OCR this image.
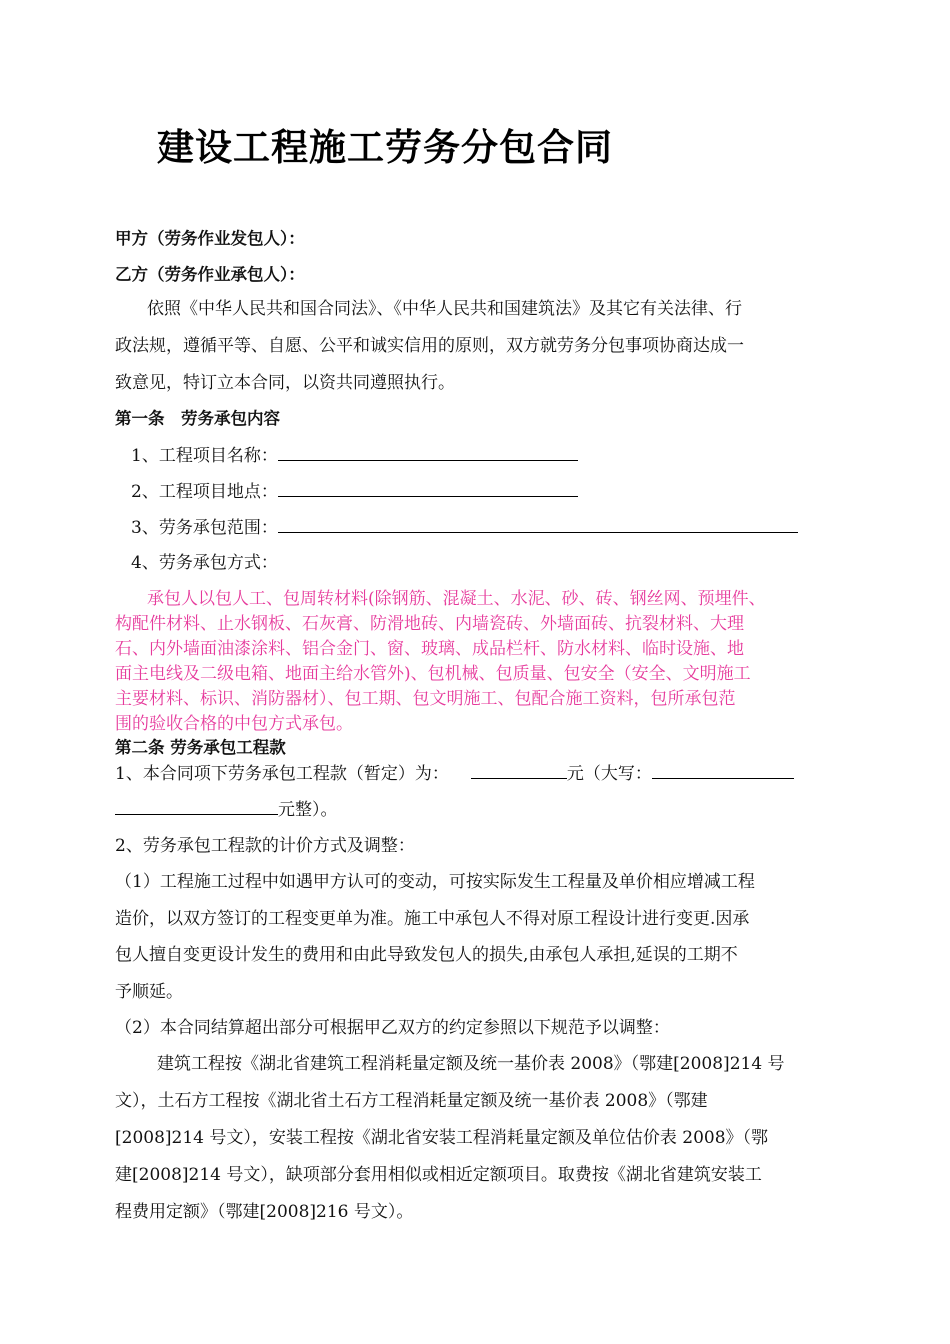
建设工程施工劳务分包合同
甲方（劳务作业发包人）：
乙方（劳务作业承包人）：
依照《中华人民共和国合同法》、《中华人民共和国建筑法》及其它有关法律、行
政法规，遵循平等、自愿、公平和诚实信用的原则，双方就劳务分包事项协商达成一
致意见，特订立本合同，以资共同遵照执行。
第一条　劳务承包内容
1、工程项目名称：
2、工程项目地点：
3、劳务承包范围：
4、劳务承包方式：
承包人以包人工、包周转材料(除钢筋、混凝土、水泥、砂、砖、钢丝网、预埋件、
构配件材料、止水钢板、石灰膏、防滑地砖、内墙瓷砖、外墙面砖、抗裂材料、大理
石、内外墙面油漆涂料、铝合金门、窗、玻璃、成品栏杆、防水材料、临时设施、地
面主电线及二级电箱、地面主给水管外)、包机械、包质量、包安全（安全、文明施工
主要材料、标识、消防器材）、包工期、包文明施工、包配合施工资料，包所承包范
围的验收合格的中包方式承包。
第二条 劳务承包工程款
1、本合同项下劳务承包工程款（暂定）为：	元（大写：
元整）。
2、劳务承包工程款的计价方式及调整：
（1）工程施工过程中如遇甲方认可的变动，可按实际发生工程量及单价相应增减工程
造价，以双方签订的工程变更单为准。施工中承包人不得对原工程设计进行变更.因承
包人擅自变更设计发生的费用和由此导致发包人的损失,由承包人承担,延误的工期不
予顺延。
（2）本合同结算超出部分可根据甲乙双方的约定参照以下规范予以调整：
建筑工程按《湖北省建筑工程消耗量定额及统一基价表 2008》（鄂建[2008]214 号
文），土石方工程按《湖北省土石方工程消耗量定额及统一基价表 2008》（鄂建
[2008]214 号文），安装工程按《湖北省安装工程消耗量定额及单位估价表 2008》（鄂
建[2008]214 号文），缺项部分套用相似或相近定额项目。取费按《湖北省建筑安装工
程费用定额》（鄂建[2008]216 号文）。
